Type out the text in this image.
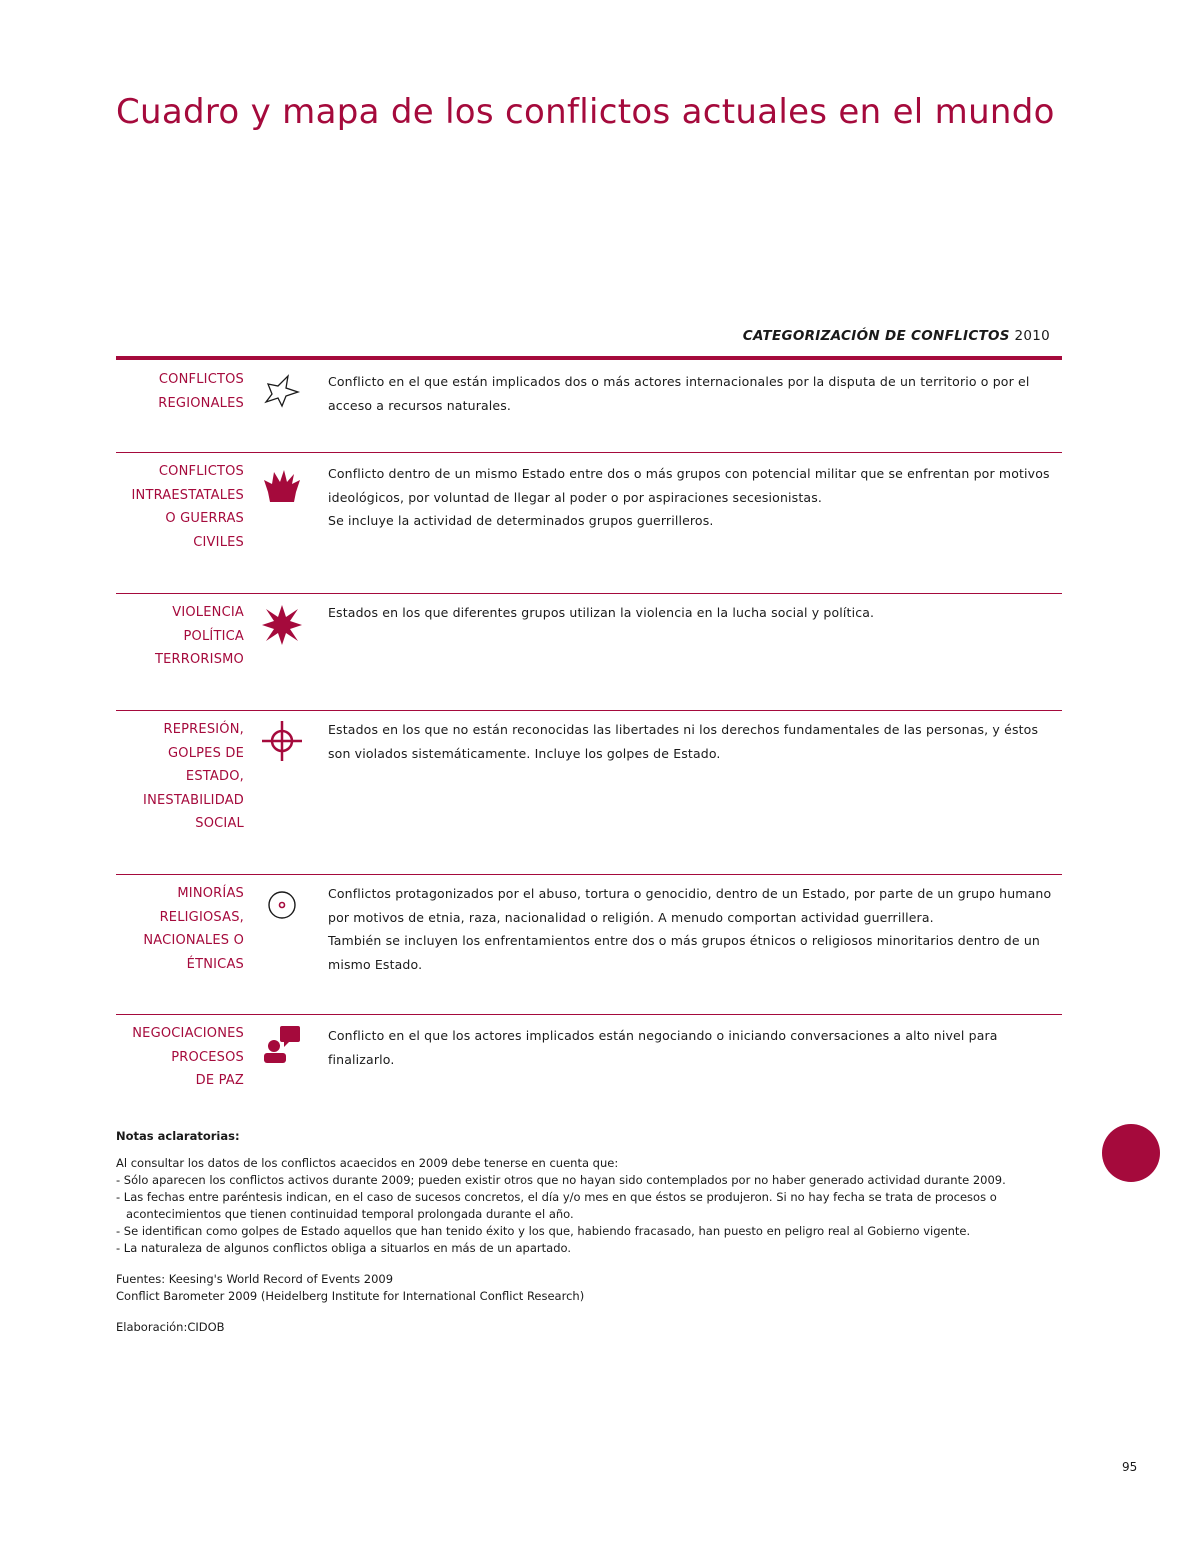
Cuadro y mapa de los conflictos actuales en el mundo
CATEGORIZACIÓN DE CONFLICTOS 2010
CONFLICTOS
REGIONALES

Conflicto en el que están implicados dos o más actores internacionales por la disputa de un territorio o por el acceso a recursos naturales.

CONFLICTOS
INTRAESTATALES
O GUERRAS
CIVILES

Conflicto dentro de un mismo Estado entre dos o más grupos con potencial militar que se enfrentan por motivos ideológicos, por voluntad de llegar al poder o por aspiraciones secesionistas.

Se incluye la actividad de determinados grupos guerrilleros.

VIOLENCIA
POLÍTICA
TERRORISMO

Estados en los que diferentes grupos utilizan la violencia en la lucha social y política.

REPRESIÓN,
GOLPES DE
ESTADO,
INESTABILIDAD
SOCIAL

Estados en los que no están reconocidas las libertades ni los derechos fundamentales de las personas, y éstos son violados sistemáticamente. Incluye los golpes de Estado.

MINORÍAS
RELIGIOSAS,
NACIONALES O
ÉTNICAS

Conflictos protagonizados por el abuso, tortura o genocidio, dentro de un Estado, por parte de un grupo humano por motivos de etnia, raza, nacionalidad o religión. A menudo comportan actividad guerrillera.

También se incluyen los enfrentamientos entre dos o más grupos étnicos o religiosos minoritarios dentro de un mismo Estado.

NEGOCIACIONES
PROCESOS
DE PAZ

Conflicto en el que los actores implicados están negociando o iniciando conversaciones a alto nivel para finalizarlo.

Notas aclaratorias:

Al consultar los datos de los conflictos acaecidos en 2009 debe tenerse en cuenta que:

- Sólo aparecen los conflictos activos durante 2009; pueden existir otros que no hayan sido contemplados por no haber generado actividad durante 2009.
- Las fechas entre paréntesis indican, en el caso de sucesos concretos, el día y/o mes en que éstos se produjeron. Si no hay fecha se trata de procesos o acontecimientos que tienen continuidad temporal prolongada durante el año.
- Se identifican como golpes de Estado aquellos que han tenido éxito y los que, habiendo fracasado, han puesto en peligro real al Gobierno vigente.
- La naturaleza de algunos conflictos obliga a situarlos en más de un apartado.

Fuentes: Keesing's World Record of Events 2009

Conflict Barometer 2009 (Heidelberg Institute for International Conflict Research)

Elaboración:CIDOB

95
